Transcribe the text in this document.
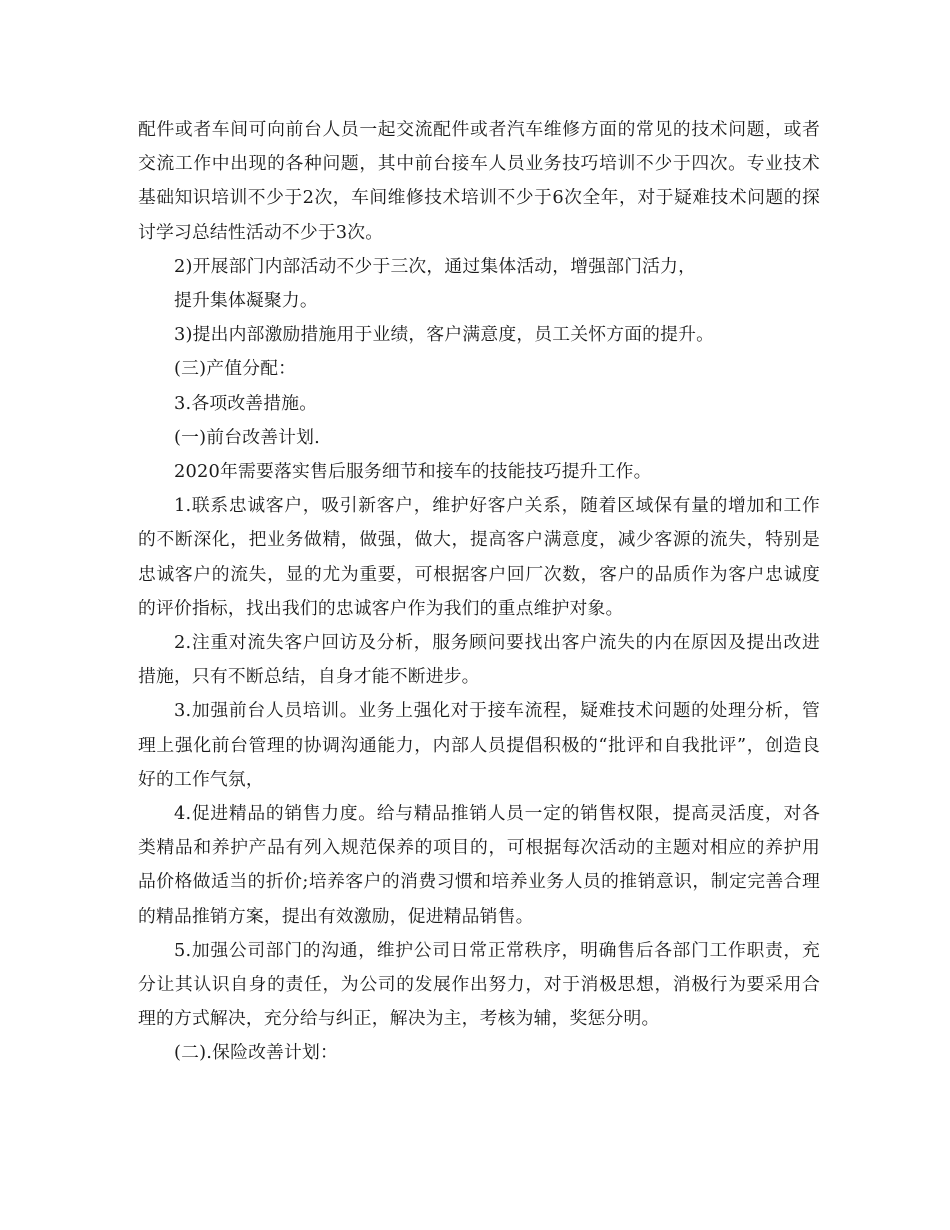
配件或者车间可向前台人员一起交流配件或者汽车维修方面的常见的技术问题，或者交流工作中出现的各种问题，其中前台接车人员业务技巧培训不少于四次。专业技术基础知识培训不少于2次，车间维修技术培训不少于6次全年，对于疑难技术问题的探讨学习总结性活动不少于3次。

2)开展部门内部活动不少于三次，通过集体活动，增强部门活力，

提升集体凝聚力。

3)提出内部激励措施用于业绩，客户满意度，员工关怀方面的提升。

(三)产值分配：

3.各项改善措施。

(一)前台改善计划.

2020年需要落实售后服务细节和接车的技能技巧提升工作。

1.联系忠诚客户，吸引新客户，维护好客户关系，随着区域保有量的增加和工作的不断深化，把业务做精，做强，做大，提高客户满意度，减少客源的流失，特别是忠诚客户的流失，显的尤为重要，可根据客户回厂次数，客户的品质作为客户忠诚度的评价指标，找出我们的忠诚客户作为我们的重点维护对象。

2.注重对流失客户回访及分析，服务顾问要找出客户流失的内在原因及提出改进措施，只有不断总结，自身才能不断进步。

3.加强前台人员培训。业务上强化对于接车流程，疑难技术问题的处理分析，管理上强化前台管理的协调沟通能力，内部人员提倡积极的“批评和自我批评”，创造良好的工作气氛，

4.促进精品的销售力度。给与精品推销人员一定的销售权限，提高灵活度，对各类精品和养护产品有列入规范保养的项目的，可根据每次活动的主题对相应的养护用品价格做适当的折价;培养客户的消费习惯和培养业务人员的推销意识，制定完善合理的精品推销方案，提出有效激励，促进精品销售。

5.加强公司部门的沟通，维护公司日常正常秩序，明确售后各部门工作职责，充分让其认识自身的责任，为公司的发展作出努力，对于消极思想，消极行为要采用合理的方式解决，充分给与纠正，解决为主，考核为辅，奖惩分明。

(二).保险改善计划：
